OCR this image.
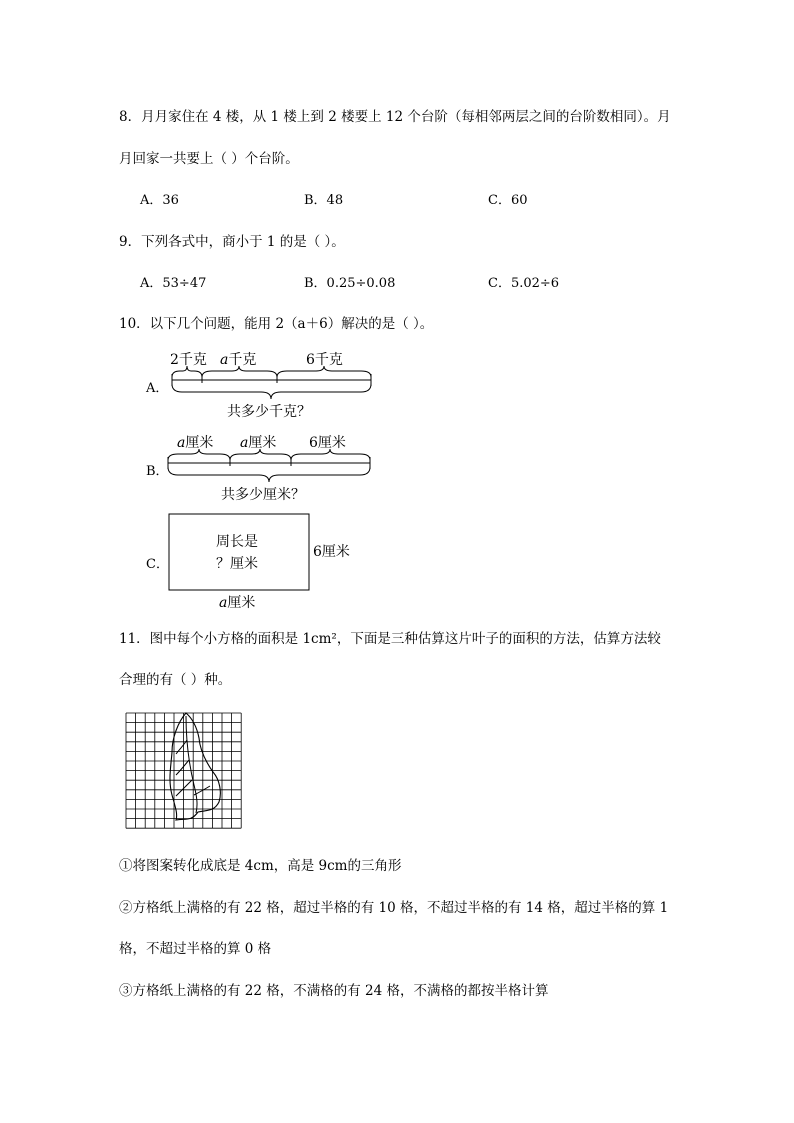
8．月月家住在 4 楼，从 1 楼上到 2 楼要上 12 个台阶（每相邻两层之间的台阶数相同）。月
月回家一共要上（ ）个台阶。
A．36	B．48	C．60
9．下列各式中，商小于 1 的是（ ）。
A．53÷47	B．0.25÷0.08	C．5.02÷6
10．以下几个问题，能用 2（a＋6）解决的是（ ）。
A．
2千克 a千克	6千克
共多少千克？
B．
a厘米 a厘米 6厘米
共多少厘米？
C．
周长是
？厘米
6厘米
a厘米
11．图中每个小方格的面积是 1cm²，下面是三种估算这片叶子的面积的方法，估算方法较
合理的有（ ）种。
①将图案转化成底是 4cm，高是 9cm的三角形
②方格纸上满格的有 22 格，超过半格的有 10 格，不超过半格的有 14 格，超过半格的算 1
格，不超过半格的算 0 格
③方格纸上满格的有 22 格，不满格的有 24 格，不满格的都按半格计算
